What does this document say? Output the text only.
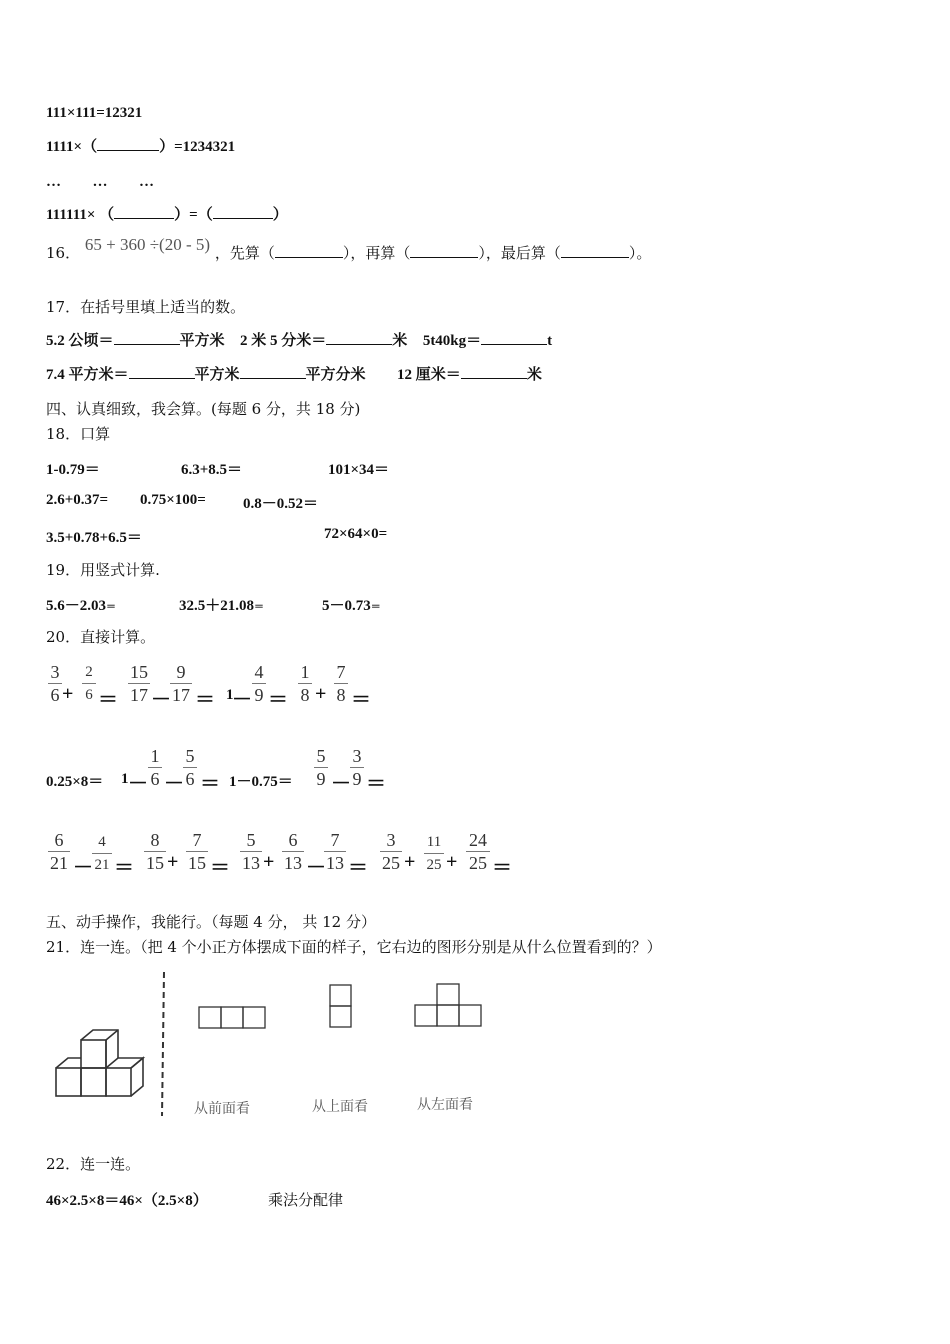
111×111=12321
1111×（	）=1234321
… … …
111111× （	）=（	）
16． 65 + 360 ÷(20 - 5) ，先算（	），再算（	），最后算（	）。
17．在括号里填上适当的数。
5.2 公顷＝	平方米 2 米 5 分米＝	米 5t40kg＝	t
7.4 平方米＝	平方米	平方分米 12 厘米＝	米
四、认真细致，我会算。(每题 6 分，共 18 分)
18．口算
1-0.79＝	6.3+8.5＝	101×34＝
2.6+0.37= 0.75×100= 0.8－0.52＝
3.5+0.78+6.5＝	72×64×0=
19．用竖式计算.
5.6－2.03＝	32.5＋21.08＝	5－0.73＝
20．直接计算。
3
6 +
2
6 ＝
15
17 －
9
17 ＝ 1
－
4
9 ＝
1
8 +
7
8 ＝
0.25×8＝ 1 －
1
6 －
5
6 ＝ 1－0.75＝
5
9 －
3
9 ＝
6
21 －
4
21 ＝
8
15 +
7
15 ＝
5
13 +
6
13 －
7
13 ＝
3
25 +
11
25 +
24
25 ＝
五、动手操作，我能行。（每题 4 分， 共 12 分）
21．连一连。（把 4 个小正方体摆成下面的样子，它右边的图形分别是从什么位置看到的？）
从前面看	从上面看	从左面看
22．连一连。
46×2.5×8＝46×（2.5×8）	乘法分配律
